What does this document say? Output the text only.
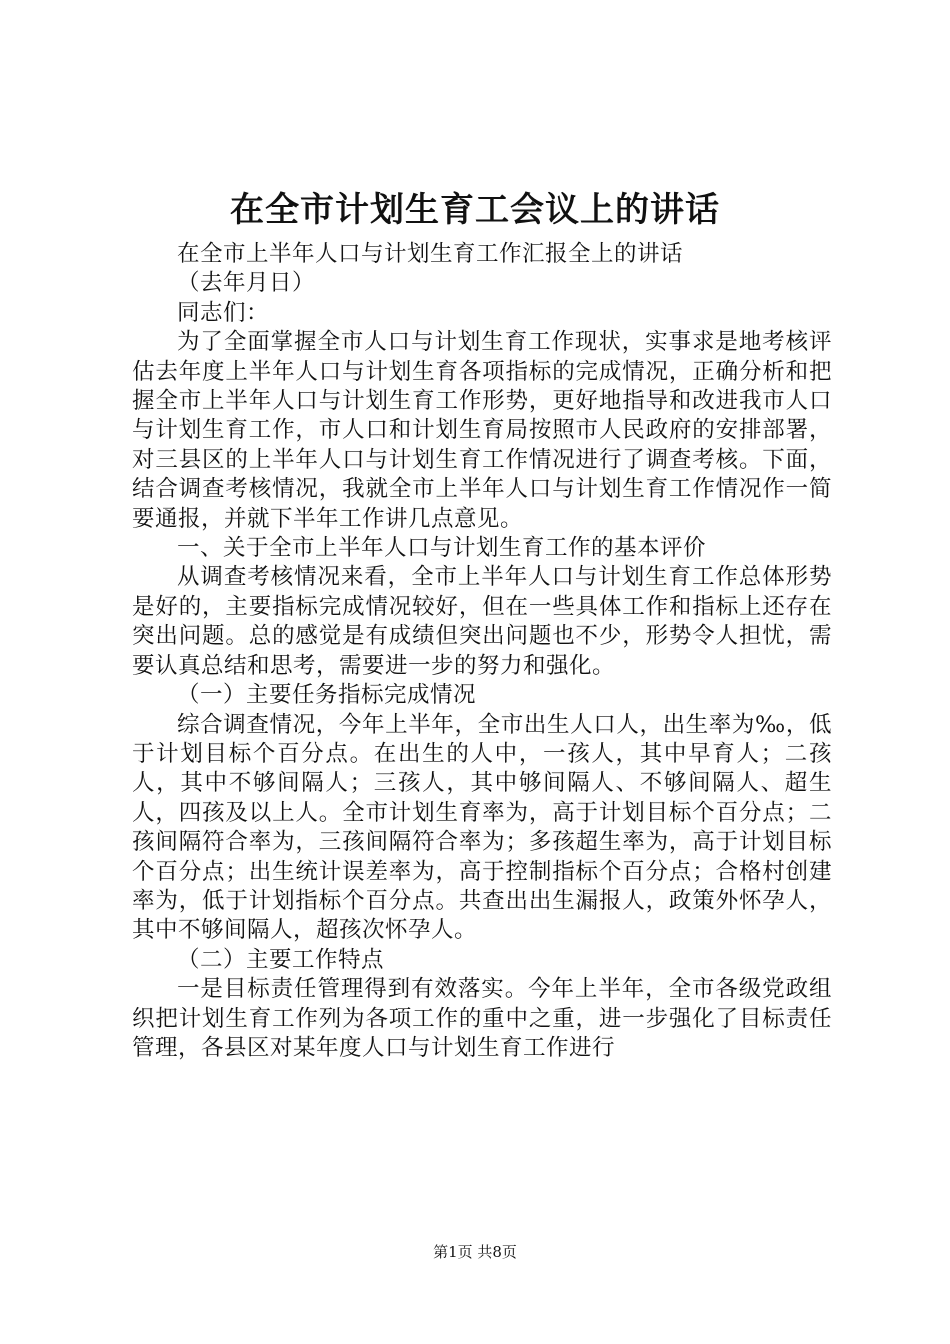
在全市计划生育工会议上的讲话

在全市上半年人口与计划生育工作汇报全上的讲话

（去年月日）

同志们：

为了全面掌握全市人口与计划生育工作现状，实事求是地考核评估去年度上半年人口与计划生育各项指标的完成情况，正确分析和把握全市上半年人口与计划生育工作形势，更好地指导和改进我市人口与计划生育工作，市人口和计划生育局按照市人民政府的安排部署，对三县区的上半年人口与计划生育工作情况进行了调查考核。下面，结合调查考核情况，我就全市上半年人口与计划生育工作情况作一简要通报，并就下半年工作讲几点意见。

一、关于全市上半年人口与计划生育工作的基本评价

从调查考核情况来看，全市上半年人口与计划生育工作总体形势是好的，主要指标完成情况较好，但在一些具体工作和指标上还存在突出问题。总的感觉是有成绩但突出问题也不少，形势令人担忧，需要认真总结和思考，需要进一步的努力和强化。

（一）主要任务指标完成情况

综合调查情况，今年上半年，全市出生人口人，出生率为‰，低于计划目标个百分点。在出生的人中，一孩人，其中早育人；二孩人，其中不够间隔人；三孩人，其中够间隔人、不够间隔人、超生人，四孩及以上人。全市计划生育率为，高于计划目标个百分点；二孩间隔符合率为，三孩间隔符合率为；多孩超生率为，高于计划目标个百分点；出生统计误差率为，高于控制指标个百分点；合格村创建率为，低于计划指标个百分点。共查出出生漏报人，政策外怀孕人，其中不够间隔人，超孩次怀孕人。

（二）主要工作特点

一是目标责任管理得到有效落实。今年上半年，全市各级党政组织把计划生育工作列为各项工作的重中之重，进一步强化了目标责任管理，各县区对某年度人口与计划生育工作进行

第1页 共8页
